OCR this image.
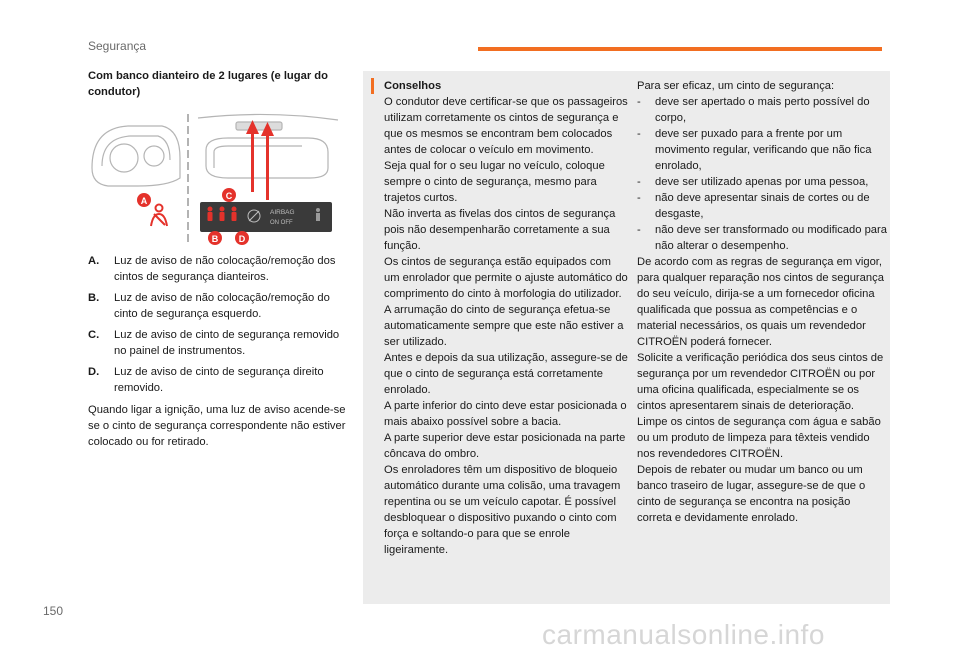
Segurança

Com banco dianteiro de 2 lugares (e lugar do condutor)

AIRBAG
ON OFF
A	C
B D
A.	Luz de aviso de não colocação/remoção dos cintos de segurança dianteiros.
B.	Luz de aviso de não colocação/remoção do cinto de segurança esquerdo.
C.	Luz de aviso de cinto de segurança removido no painel de instrumentos.
D.	Luz de aviso de cinto de segurança direito removido.

Quando ligar a ignição, uma luz de aviso acende-se se o cinto de segurança correspondente não estiver colocado ou for retirado.

Conselhos

O condutor deve certificar-se que os passageiros utilizam corretamente os cintos de segurança e que os mesmos se encontram bem colocados antes de colocar o veículo em movimento.

Seja qual for o seu lugar no veículo, coloque sempre o cinto de segurança, mesmo para trajetos curtos.

Não inverta as fivelas dos cintos de segurança pois não desempenharão corretamente a sua função.

Os cintos de segurança estão equipados com um enrolador que permite o ajuste automático do comprimento do cinto à morfologia do utilizador. A arrumação do cinto de segurança efetua-se automaticamente sempre que este não estiver a ser utilizado.

Antes e depois da sua utilização, assegure-se de que o cinto de segurança está corretamente enrolado.

A parte inferior do cinto deve estar posicionada o mais abaixo possível sobre a bacia.

A parte superior deve estar posicionada na parte côncava do ombro.

Os enroladores têm um dispositivo de bloqueio automático durante uma colisão, uma travagem repentina ou se um veículo capotar. É possível desbloquear o dispositivo puxando o cinto com força e soltando-o para que se enrole ligeiramente.

Para ser eficaz, um cinto de segurança:

-	deve ser apertado o mais perto possível do corpo,
-	deve ser puxado para a frente por um movimento regular, verificando que não fica enrolado,
-	deve ser utilizado apenas por uma pessoa,
-	não deve apresentar sinais de cortes ou de desgaste,
-	não deve ser transformado ou modificado para não alterar o desempenho.

De acordo com as regras de segurança em vigor, para qualquer reparação nos cintos de segurança do seu veículo, dirija-se a um fornecedor oficina qualificada que possua as competências e o material necessários, os quais um revendedor CITROËN poderá fornecer.

Solicite a verificação periódica dos seus cintos de segurança por um revendedor CITROËN ou por uma oficina qualificada, especialmente se os cintos apresentarem sinais de deterioração.

Limpe os cintos de segurança com água e sabão ou um produto de limpeza para têxteis vendido nos revendedores CITROËN.

Depois de rebater ou mudar um banco ou um banco traseiro de lugar, assegure-se de que o cinto de segurança se encontra na posição correta e devidamente enrolado.

150
carmanualsonline.info
